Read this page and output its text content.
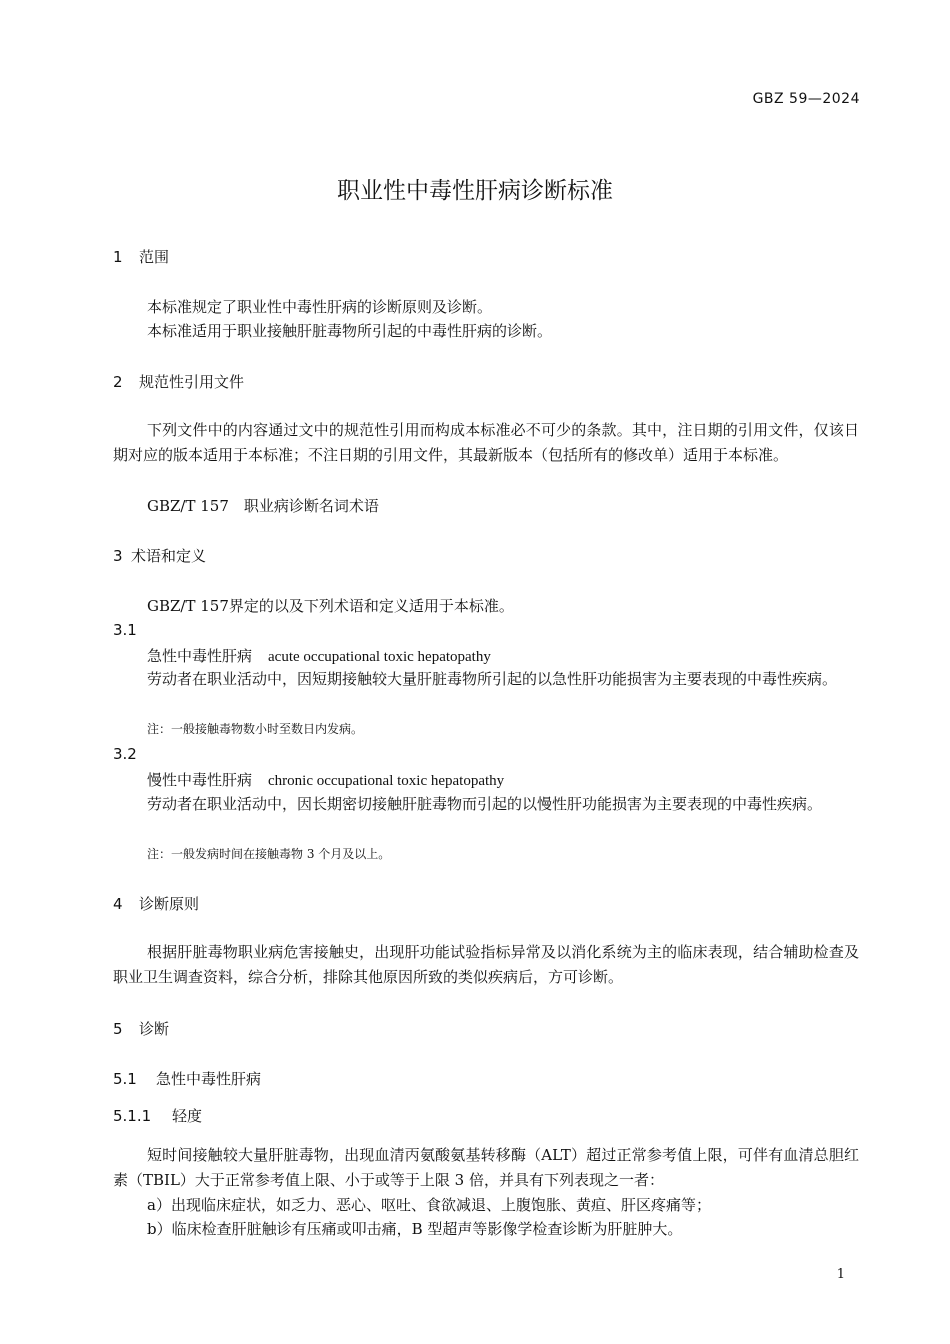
GBZ 59—2024
职业性中毒性肝病诊断标准
1 范围
本标准规定了职业性中毒性肝病的诊断原则及诊断。
本标准适用于职业接触肝脏毒物所引起的中毒性肝病的诊断。
2 规范性引用文件
下列文件中的内容通过文中的规范性引用而构成本标准必不可少的条款。其中，注日期的引用文件，仅该日期对应的版本适用于本标准；不注日期的引用文件，其最新版本（包括所有的修改单）适用于本标准。
GBZ/T 157　职业病诊断名词术语
3 术语和定义
GBZ/T 157界定的以及下列术语和定义适用于本标准。
3.1
急性中毒性肝病 acute occupational toxic hepatopathy
劳动者在职业活动中，因短期接触较大量肝脏毒物所引起的以急性肝功能损害为主要表现的中毒性疾病。
注：一般接触毒物数小时至数日内发病。
3.2
慢性中毒性肝病 chronic occupational toxic hepatopathy
劳动者在职业活动中，因长期密切接触肝脏毒物而引起的以慢性肝功能损害为主要表现的中毒性疾病。
注：一般发病时间在接触毒物 3 个月及以上。
4 诊断原则
根据肝脏毒物职业病危害接触史，出现肝功能试验指标异常及以消化系统为主的临床表现，结合辅助检查及职业卫生调查资料，综合分析，排除其他原因所致的类似疾病后，方可诊断。
5 诊断
5.1 急性中毒性肝病
5.1.1 轻度
短时间接触较大量肝脏毒物，出现血清丙氨酸氨基转移酶（ALT）超过正常参考值上限，可伴有血清总胆红素（TBIL）大于正常参考值上限、小于或等于上限 3 倍，并具有下列表现之一者：
a）出现临床症状，如乏力、恶心、呕吐、食欲减退、上腹饱胀、黄疸、肝区疼痛等；
b）临床检查肝脏触诊有压痛或叩击痛，B 型超声等影像学检查诊断为肝脏肿大。
1
